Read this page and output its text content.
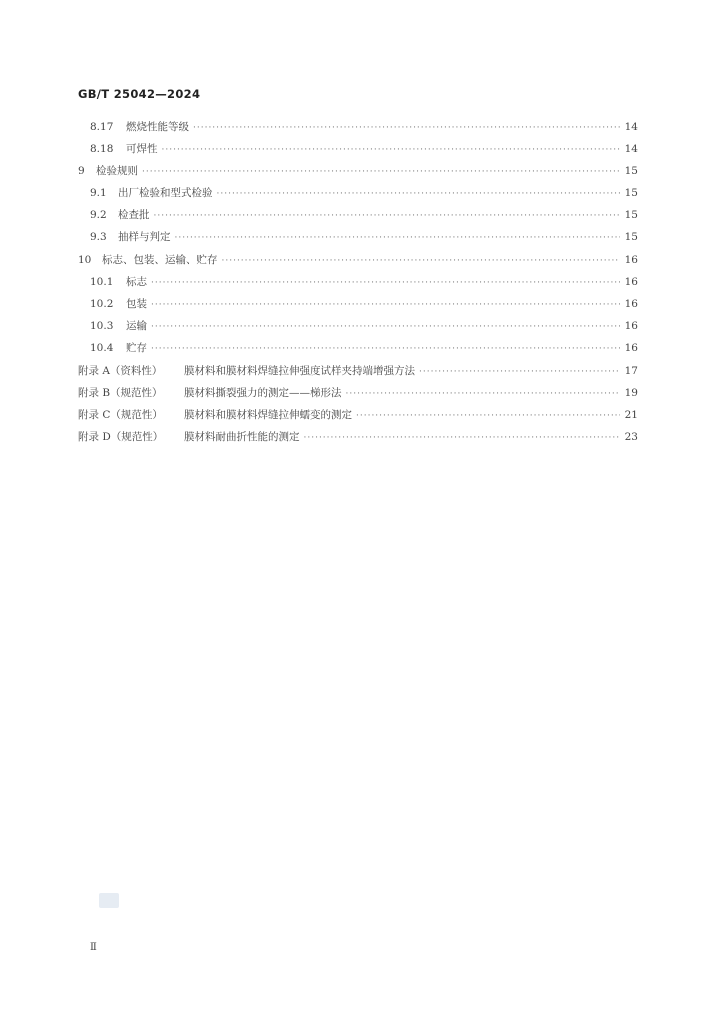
GB/T 25042—2024
8.17	燃烧性能等级 ·····	14
8.18	可焊性 ·····	14
9	检验规则 ·····	15
9.1	出厂检验和型式检验 ·····	15
9.2	检查批 ·····	15
9.3	抽样与判定 ·····	15
10	标志、包装、运输、贮存 ·····	16
10.1	标志 ·····	16
10.2	包装 ·····	16
10.3	运输 ·····	16
10.4	贮存 ·····	16
附录 A（资料性）	膜材料和膜材料焊缝拉伸强度试样夹持端增强方法 ·····	17
附录 B（规范性）	膜材料撕裂强力的测定——梯形法 ·····	19
附录 C（规范性）	膜材料和膜材料焊缝拉伸蠕变的测定 ·····	21
附录 D（规范性）	膜材料耐曲折性能的测定 ·····	23
Ⅱ
